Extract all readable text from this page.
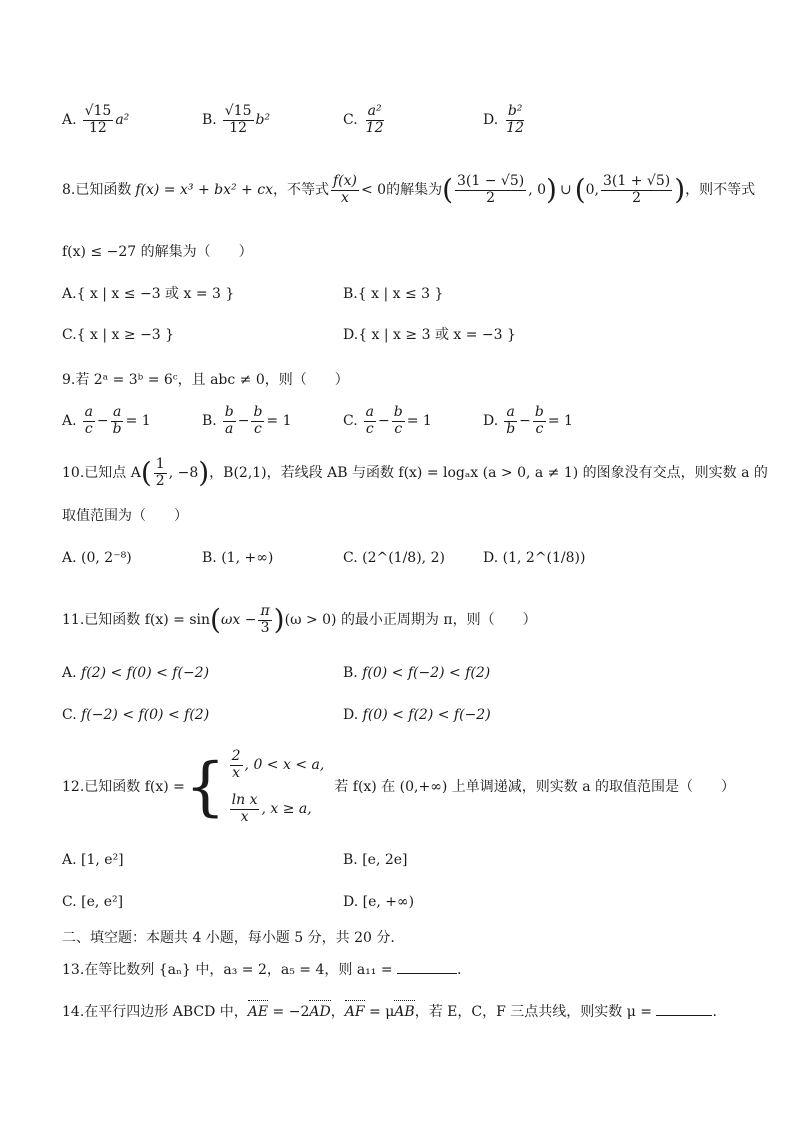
A. $\frac{√15}{12} a^2$	B. $\frac{√15}{12} b^2$	C. $\frac{\text{a²}}{12}$	D. $\frac{\text{b²}}{12}$
8.已知函数 f(x) = x³ + bx² + cx ，不等式 $\frac{f(x)}{x} < 0$ 的解集为 ( $\frac{3(1 - √5)}{2}$ , 0 ) ∪ ( 0, $\frac{3(1 + √5)}{2}$ ) ，则不等式
f(x) ≤ −27 的解集为（　　）
A.{ x | x ≤ −3 或 x = 3 }	B.{ x | x ≤ 3 }
C.{ x | x ≥ −3 }	D.{ x | x ≥ 3 或 x = −3 }
9.若 2ᵃ = 3ᵇ = 6ᶜ，且 abc ≠ 0，则（　　）
A. $\frac{a}{c} - \frac{a}{b} = 1$	B. $\frac{b}{a} - \frac{b}{c} = 1$	C. $\frac{a}{c} - \frac{b}{c} = 1$	D. $\frac{a}{b} - \frac{b}{c} = 1$
10.已知点 A ( $\frac{1}{2}$ , −8 ) ，B(2,1)，若线段 AB 与函数 f(x) = logₐx (a > 0, a ≠ 1) 的图象没有交点，则实数 a 的
取值范围为（　　）
A. (0, 2⁻⁸)	B. (1, +∞)	C. (2^(1/8), 2)	D. (1, 2^(1/8))
11.已知函数 f(x) = sin ( $\omega x - \frac{\pi}{3}$ ) (ω > 0) 的最小正周期为 π，则（　　）
A. f(2) < f(0) < f(−2)	B. f(0) < f(−2) < f(2)
C. f(−2) < f(0) < f(2)	D. f(0) < f(2) < f(−2)
12.已知函数 f(x) = { $\frac{2}{x}$ , 0 < x < a,
$\frac{\text{ln x}}{x}$ , x ≥ a,
若 f(x) 在 (0,+∞) 上单调递减，则实数 a 的取值范围是（　　）
A. [1, e²]	B. [e, 2e]
C. [e, e²]	D. [e, +∞)
二、填空题：本题共 4 小题，每小题 5 分，共 20 分.
13.在等比数列 {aₙ} 中，a₃ = 2，a₅ = 4，则 a₁₁ =	.
14.在平行四边形 ABCD 中，AE = −2AD，AF = μAB，若 E，C，F 三点共线，则实数 μ =	.
